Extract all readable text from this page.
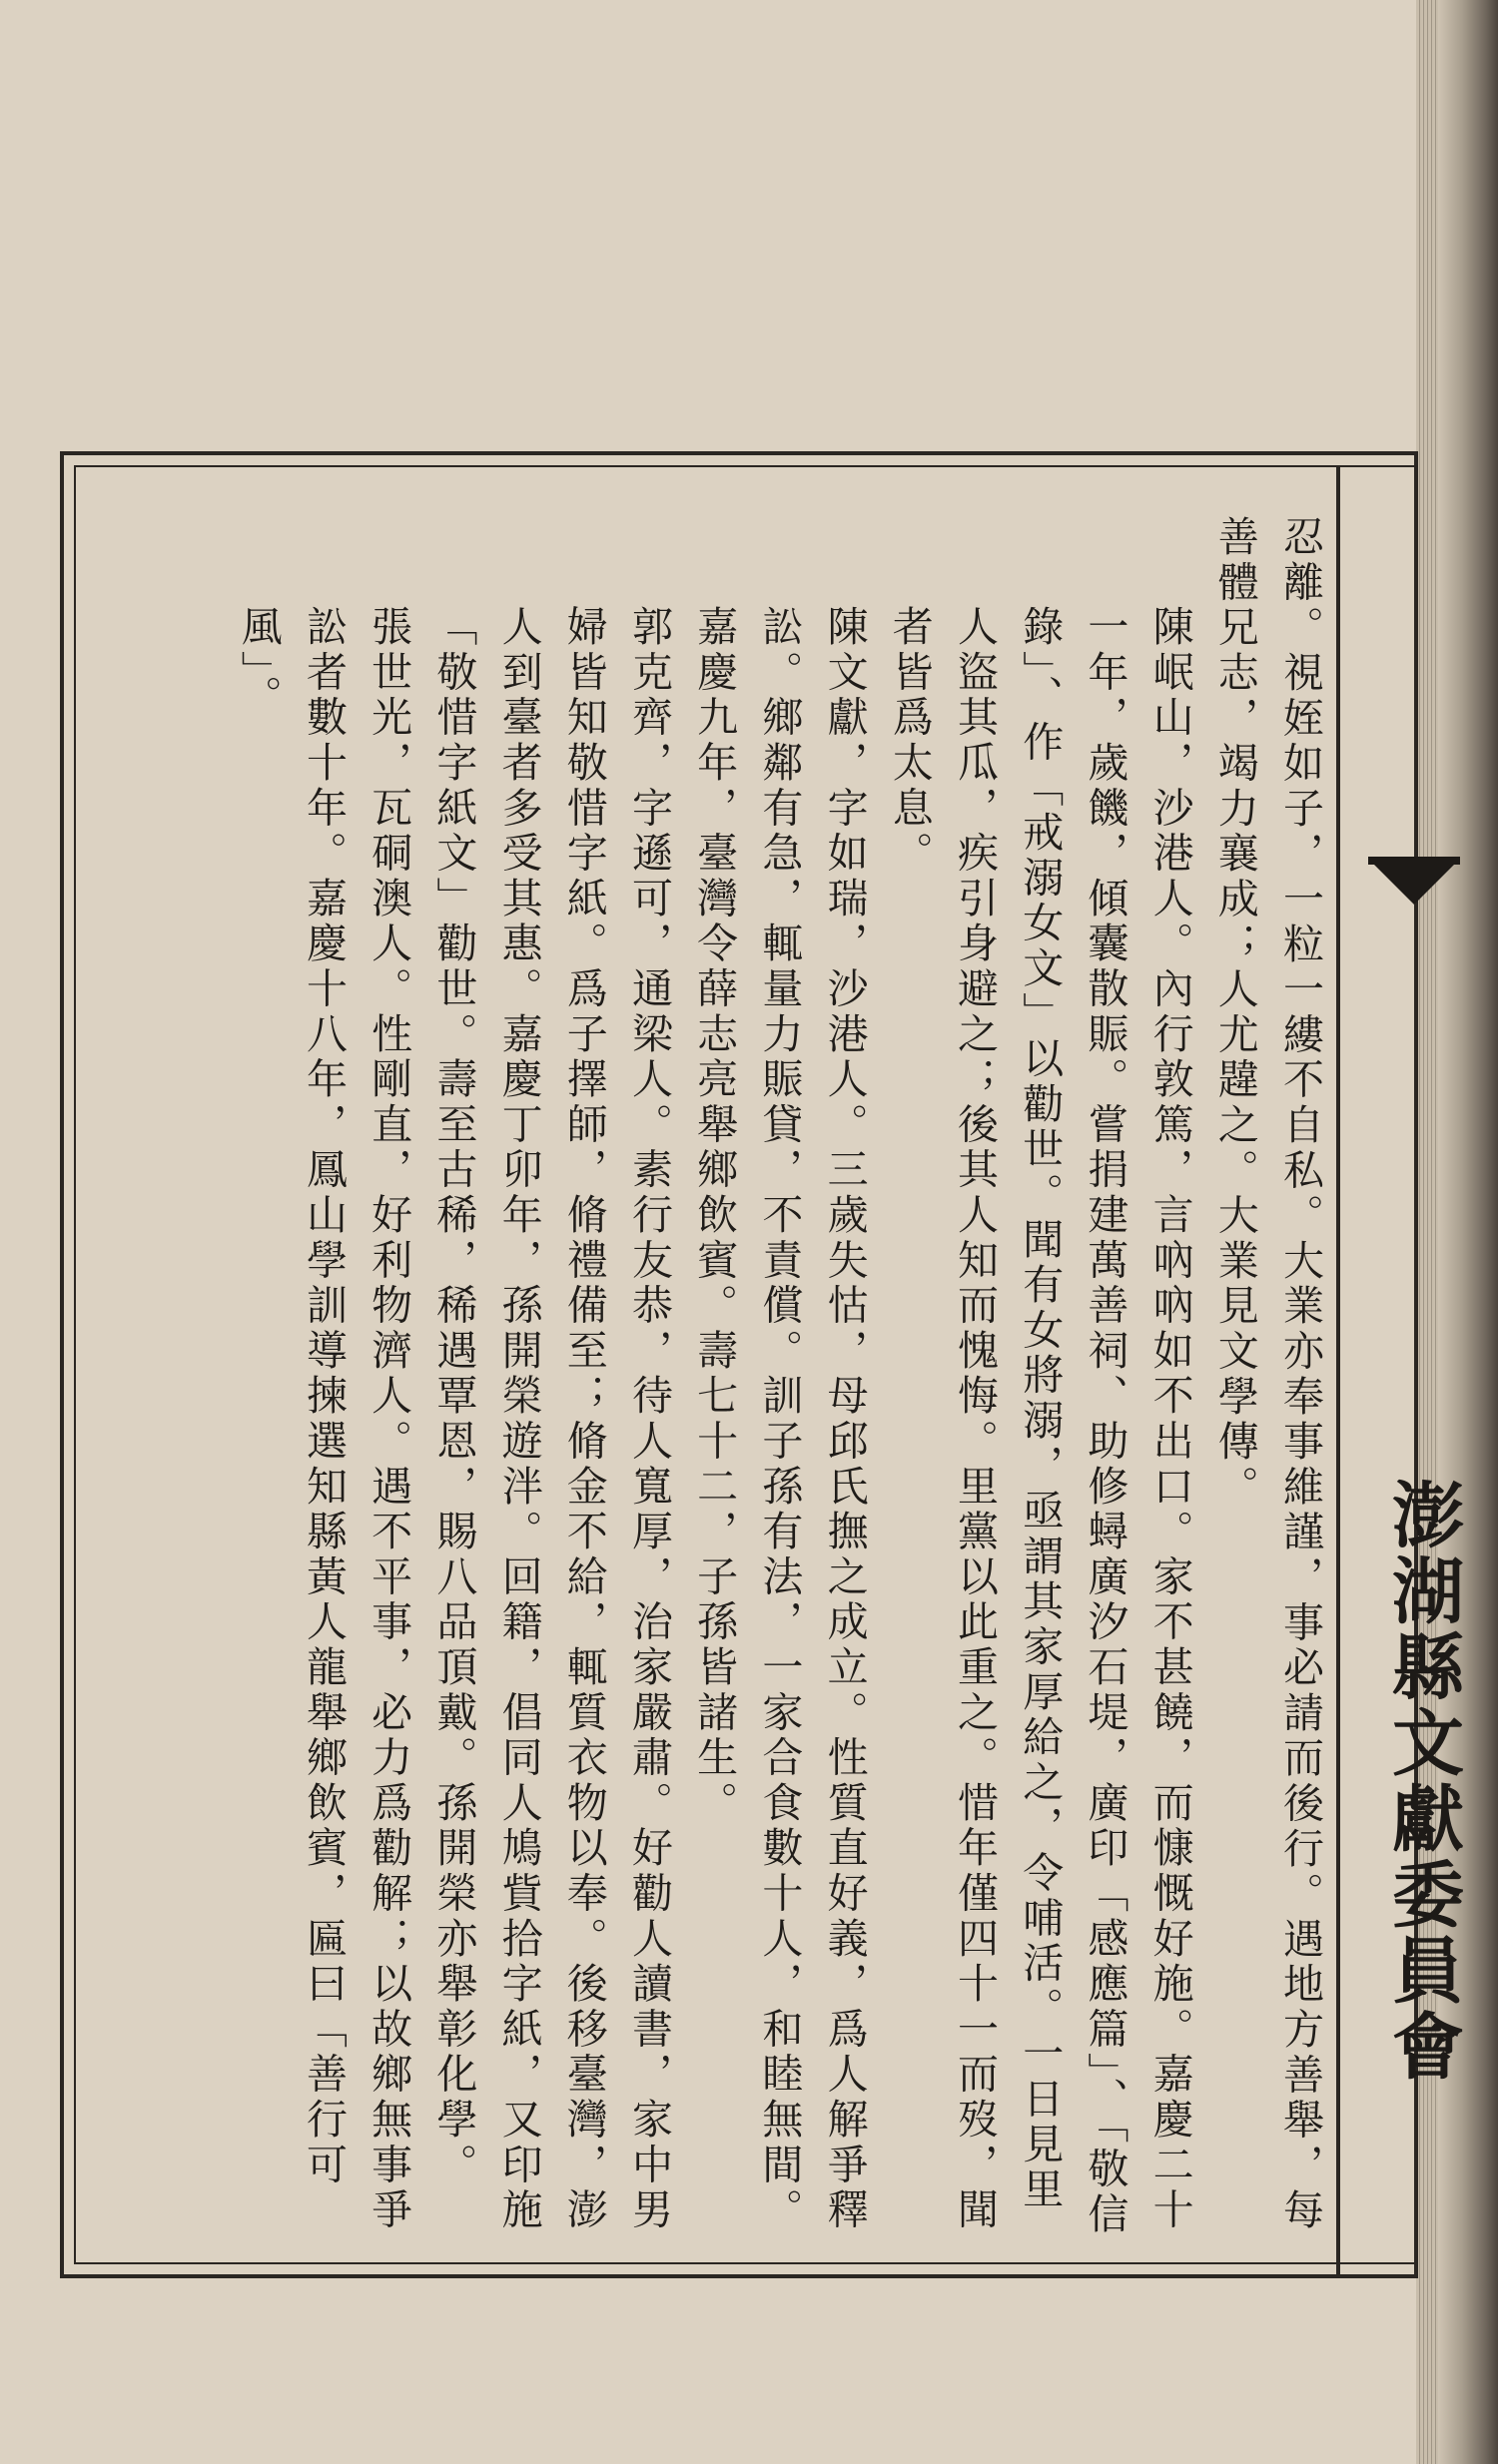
澎湖縣文獻委員會

忍離。視姪如子，一粒一縷不自私。大業亦奉事維謹，事必請而後行。遇地方善舉，每善體兄志，竭力襄成；人尤韙之。大業見文學傳。

陳岷山，沙港人。內行敦篤，言吶吶如不出口。家不甚饒，而慷慨好施。嘉慶二十一年，歲饑，傾囊散賑。嘗捐建萬善祠、助修蟳廣汐石堤，廣印「感應篇」、「敬信錄」、作「戒溺女文」以勸世。聞有女將溺，亟謂其家厚給之，令哺活。一日見里人盜其瓜，疾引身避之；後其人知而愧悔。里黨以此重之。惜年僅四十一而歿，聞者皆爲太息。

陳文獻，字如瑞，沙港人。三歲失怙，母邱氏撫之成立。性質直好義，爲人解爭釋訟。鄉鄰有急，輒量力賑貸，不責償。訓子孫有法，一家合食數十人，和睦無間。嘉慶九年，臺灣令薛志亮舉鄉飲賓。壽七十二，子孫皆諸生。

郭克齊，字遜可，通梁人。素行友恭，待人寬厚，治家嚴肅。好勸人讀書，家中男婦皆知敬惜字紙。爲子擇師，脩禮備至；脩金不給，輒質衣物以奉。後移臺灣，澎人到臺者多受其惠。嘉慶丁卯年，孫開榮遊泮。回籍，倡同人鳩貲拾字紙，又印施「敬惜字紙文」勸世。壽至古稀，稀遇覃恩，賜八品頂戴。孫開榮亦舉彰化學。

張世光，瓦硐澳人。性剛直，好利物濟人。遇不平事，必力爲勸解；以故鄉無事爭訟者數十年。嘉慶十八年，鳳山學訓導揀選知縣黃人龍舉鄉飲賓，匾曰「善行可風」。
